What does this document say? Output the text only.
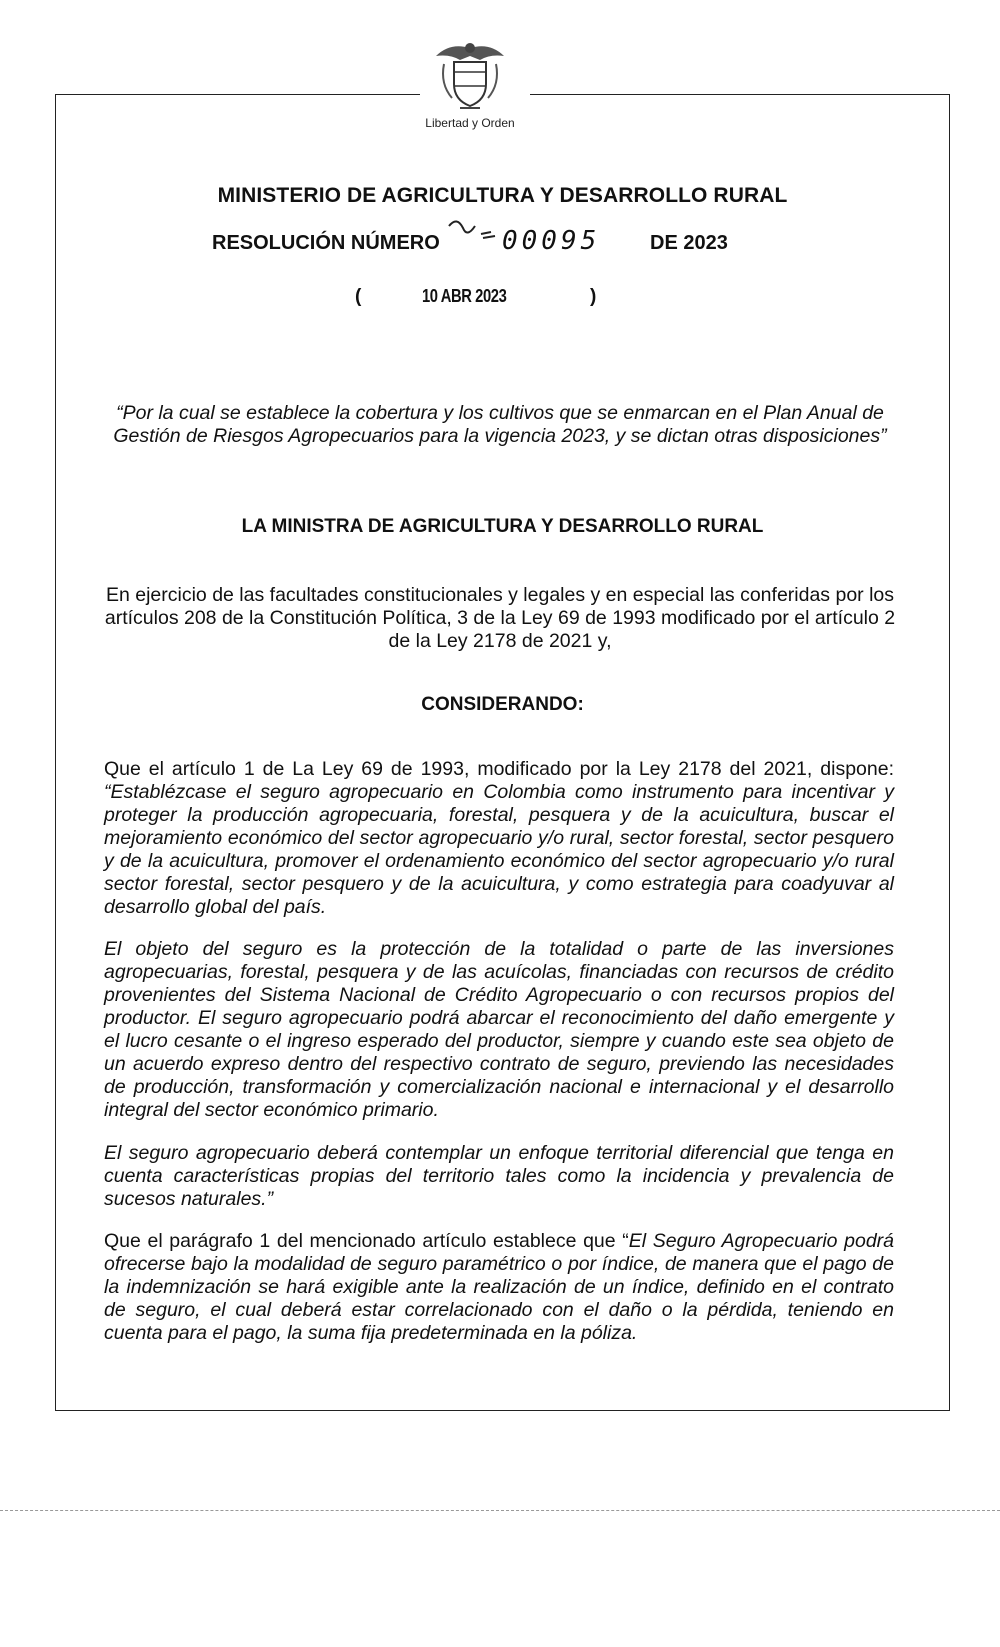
Libertad y Orden
MINISTERIO DE AGRICULTURA Y DESARROLLO RURAL
RESOLUCIÓN NÚMERO 00095 DE 2023
(	10 ABR 2023	)
“Por la cual se establece la cobertura y los cultivos que se enmarcan en el Plan Anual de Gestión de Riesgos Agropecuarios para la vigencia 2023, y se dictan otras disposiciones”
LA MINISTRA DE AGRICULTURA Y DESARROLLO RURAL
En ejercicio de las facultades constitucionales y legales y en especial las conferidas por los artículos 208 de la Constitución Política, 3 de la Ley 69 de 1993 modificado por el artículo 2 de la Ley 2178 de 2021 y,
CONSIDERANDO:
Que el artículo 1 de La Ley 69 de 1993, modificado por la Ley 2178 del 2021, dispone: “Establézcase el seguro agropecuario en Colombia como instrumento para incentivar y proteger la producción agropecuaria, forestal, pesquera y de la acuicultura, buscar el mejoramiento económico del sector agropecuario y/o rural, sector forestal, sector pesquero y de la acuicultura, promover el ordenamiento económico del sector agropecuario y/o rural sector forestal, sector pesquero y de la acuicultura, y como estrategia para coadyuvar al desarrollo global del país.
El objeto del seguro es la protección de la totalidad o parte de las inversiones agropecuarias, forestal, pesquera y de las acuícolas, financiadas con recursos de crédito provenientes del Sistema Nacional de Crédito Agropecuario o con recursos propios del productor. El seguro agropecuario podrá abarcar el reconocimiento del daño emergente y el lucro cesante o el ingreso esperado del productor, siempre y cuando este sea objeto de un acuerdo expreso dentro del respectivo contrato de seguro, previendo las necesidades de producción, transformación y comercialización nacional e internacional y el desarrollo integral del sector económico primario.
El seguro agropecuario deberá contemplar un enfoque territorial diferencial que tenga en cuenta características propias del territorio tales como la incidencia y prevalencia de sucesos naturales.”
Que el parágrafo 1 del mencionado artículo establece que “El Seguro Agropecuario podrá ofrecerse bajo la modalidad de seguro paramétrico o por índice, de manera que el pago de la indemnización se hará exigible ante la realización de un índice, definido en el contrato de seguro, el cual deberá estar correlacionado con el daño o la pérdida, teniendo en cuenta para el pago, la suma fija predeterminada en la póliza.
